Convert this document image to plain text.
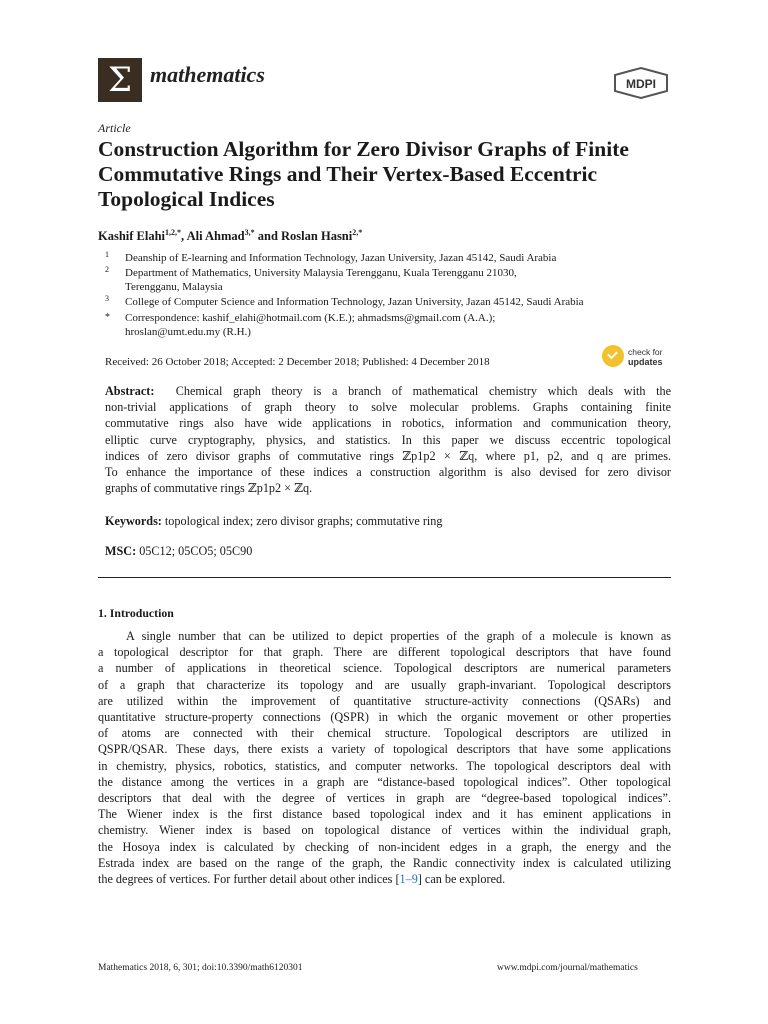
Σ mathematics	MDPI
Article
Construction Algorithm for Zero Divisor Graphs of Finite Commutative Rings and Their Vertex-Based Eccentric Topological Indices
Kashif Elahi$^{1,2,*}$, Ali Ahmad$^{3,*}$ and Roslan Hasni$^{2,*}$
1 Deanship of E-learning and Information Technology, Jazan University, Jazan 45142, Saudi Arabia
2 Department of Mathematics, University Malaysia Terengganu, Kuala Terengganu 21030,
Terengganu, Malaysia
3 College of Computer Science and Information Technology, Jazan University, Jazan 45142, Saudi Arabia
* Correspondence: kashif_elahi@hotmail.com (K.E.); ahmadsms@gmail.com (A.A.);
hroslan@umt.edu.my (R.H.)
Received: 26 October 2018; Accepted: 2 December 2018; Published: 4 December 2018
check for
updates
Abstract: Chemical graph theory is a branch of mathematical chemistry which deals with the
non-trivial applications of graph theory to solve molecular problems. Graphs containing finite
commutative rings also have wide applications in robotics, information and communication theory,
elliptic curve cryptography, physics, and statistics. In this paper we discuss eccentric topological
indices of zero divisor graphs of commutative rings ℤp1p2 × ℤq, where p1, p2, and q are primes.
To enhance the importance of these indices a construction algorithm is also devised for zero divisor
graphs of commutative rings ℤp1p2 × ℤq.
Keywords: topological index; zero divisor graphs; commutative ring
MSC: 05C12; 05CO5; 05C90
1. Introduction
A single number that can be utilized to depict properties of the graph of a molecule is known as
a topological descriptor for that graph. There are different topological descriptors that have found
a number of applications in theoretical science. Topological descriptors are numerical parameters
of a graph that characterize its topology and are usually graph-invariant. Topological descriptors
are utilized within the improvement of quantitative structure-activity connections (QSARs) and
quantitative structure-property connections (QSPR) in which the organic movement or other properties
of atoms are connected with their chemical structure. Topological descriptors are utilized in
QSPR/QSAR. These days, there exists a variety of topological descriptors that have some applications
in chemistry, physics, robotics, statistics, and computer networks. The topological descriptors deal with
the distance among the vertices in a graph are “distance-based topological indices”. Other topological
descriptors that deal with the degree of vertices in graph are “degree-based topological indices”.
The Wiener index is the first distance based topological index and it has eminent applications in
chemistry. Wiener index is based on topological distance of vertices within the individual graph,
the Hosoya index is calculated by checking of non-incident edges in a graph, the energy and the
Estrada index are based on the range of the graph, the Randic connectivity index is calculated utilizing
the degrees of vertices. For further detail about other indices [1–9] can be explored.
Mathematics 2018, 6, 301; doi:10.3390/math6120301	www.mdpi.com/journal/mathematics
